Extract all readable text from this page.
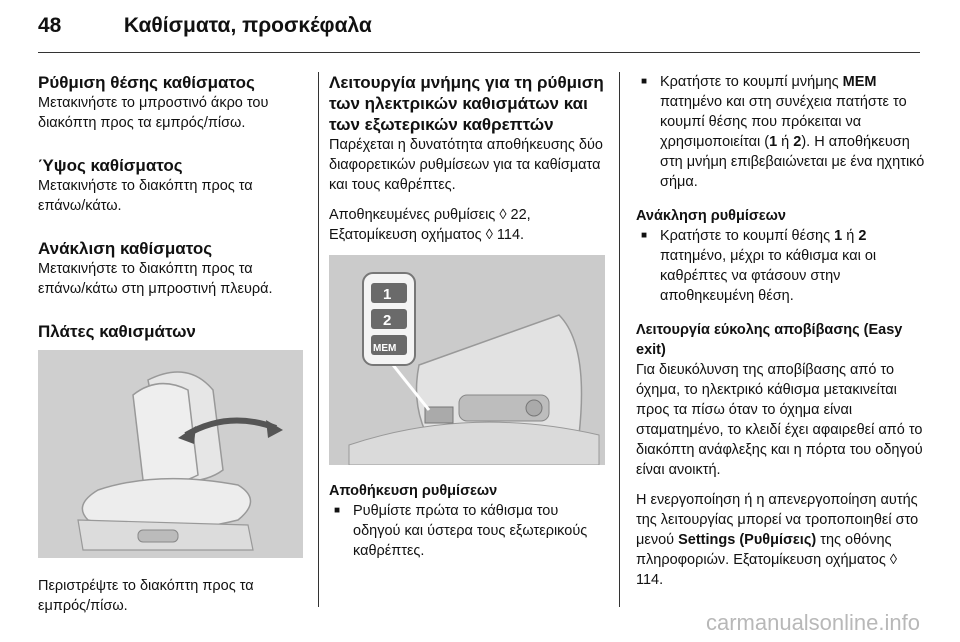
48	Καθίσματα, προσκέφαλα
Ρύθμιση θέσης καθίσματος

Μετακινήστε το μπροστινό άκρο του διακόπτη προς τα εμπρός/πίσω.

Ύψος καθίσματος

Μετακινήστε το διακόπτη προς τα επάνω/κάτω.

Ανάκλιση καθίσματος

Μετακινήστε το διακόπτη προς τα επάνω/κάτω στη μπροστινή πλευρά.

Πλάτες καθισμάτων

Περιστρέψτε το διακόπτη προς τα εμπρός/πίσω.

Λειτουργία μνήμης για τη ρύθμιση των ηλεκτρικών καθισμάτων και των εξωτερικών καθρεπτών

Παρέχεται η δυνατότητα αποθήκευσης δύο διαφορετικών ρυθμίσεων για τα καθίσματα και τους καθρέπτες.

Αποθηκευμένες ρυθμίσεις ◊ 22, Εξατομίκευση οχήματος ◊ 114.

1
2
MEM
Αποθήκευση ρυθμίσεων
■ Ρυθμίστε πρώτα το κάθισμα του οδηγού και ύστερα τους εξωτερικούς καθρέπτες.
■ Κρατήστε το κουμπί μνήμης MEM πατημένο και στη συνέχεια πατήστε το κουμπί θέσης που πρόκειται να χρησιμοποιείται (1 ή 2). Η αποθήκευση στη μνήμη επιβεβαιώνεται με ένα ηχητικό σήμα.
Ανάκληση ρυθμίσεων
■ Κρατήστε το κουμπί θέσης 1 ή 2 πατημένο, μέχρι το κάθισμα και οι καθρέπτες να φτάσουν στην αποθηκευμένη θέση.
Λειτουργία εύκολης αποβίβασης (Easy exit)

Για διευκόλυνση της αποβίβασης από το όχημα, το ηλεκτρικό κάθισμα μετακινείται προς τα πίσω όταν το όχημα είναι σταματημένο, το κλειδί έχει αφαιρεθεί από το διακόπτη ανάφλεξης και η πόρτα του οδηγού είναι ανοικτή.

Η ενεργοποίηση ή η απενεργοποίηση αυτής της λειτουργίας μπορεί να τροποποιηθεί στο μενού Settings (Ρυθμίσεις) της οθόνης πληροφοριών. Εξατομίκευση οχήματος ◊ 114.

carmanualsonline.info
